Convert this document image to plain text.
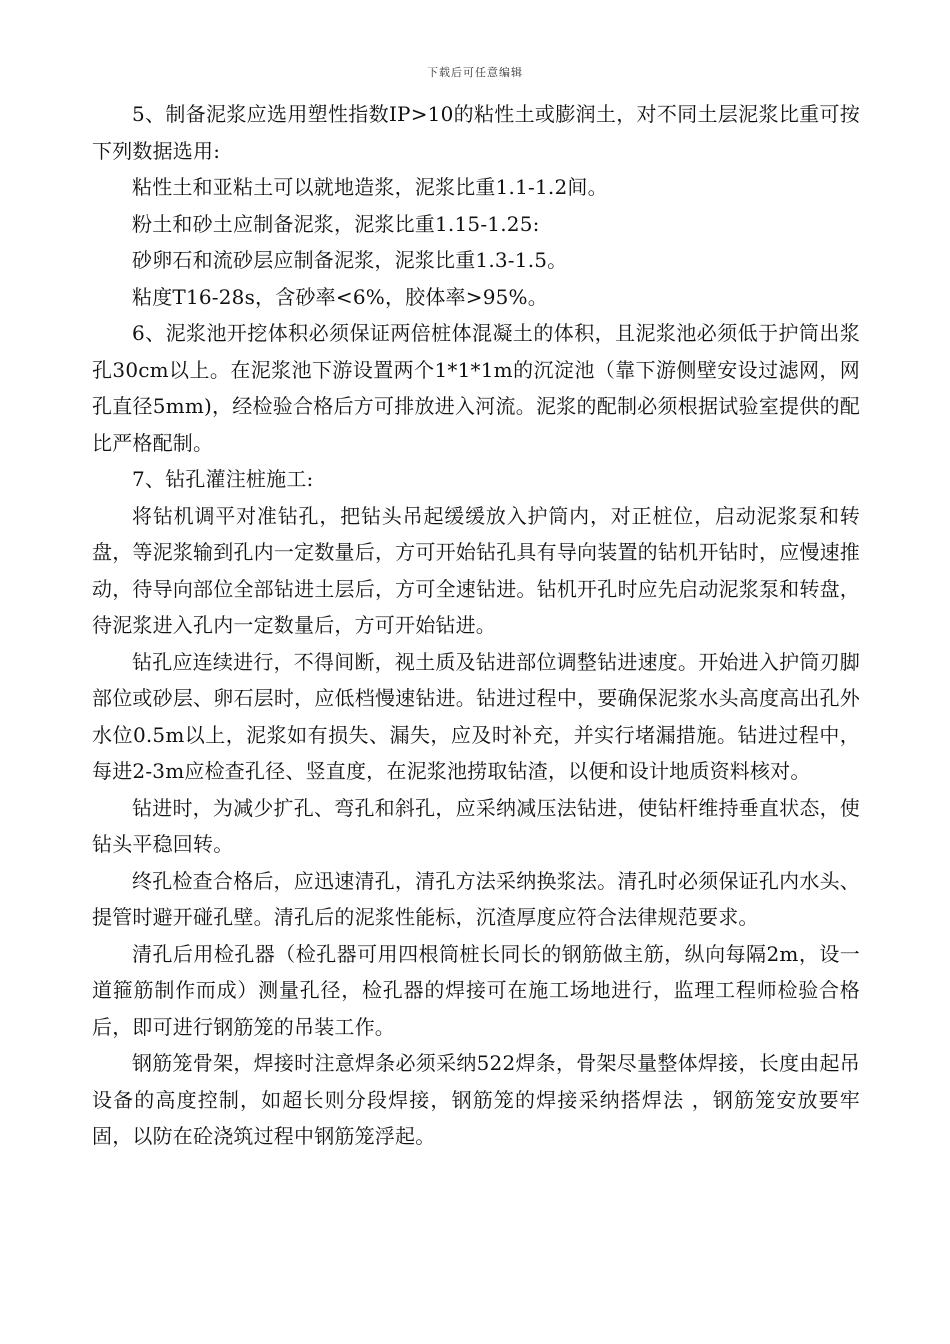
下载后可任意编辑

5、制备泥浆应选用塑性指数IP>10的粘性土或膨润土，对不同土层泥浆比重可按下列数据选用:

粘性土和亚粘土可以就地造浆，泥浆比重1.1-1.2间。

粉土和砂土应制备泥浆，泥浆比重1.15-1.25:

砂卵石和流砂层应制备泥浆，泥浆比重1.3-1.5。

粘度T16-28s，含砂率<6%，胶体率>95%。

6、泥浆池开挖体积必须保证两倍桩体混凝土的体积，且泥浆池必须低于护筒出浆孔30cm以上。在泥浆池下游设置两个1*1*1m的沉淀池（靠下游侧壁安设过滤网，网孔直径5mm)，经检验合格后方可排放进入河流。泥浆的配制必须根据试验室提供的配比严格配制。

7、钻孔灌注桩施工:

将钻机调平对准钻孔，把钻头吊起缓缓放入护筒内，对正桩位，启动泥浆泵和转盘，等泥浆输到孔内一定数量后，方可开始钻孔具有导向装置的钻机开钻时，应慢速推动，待导向部位全部钻进土层后，方可全速钻进。钻机开孔时应先启动泥浆泵和转盘，待泥浆进入孔内一定数量后，方可开始钻进。

钻孔应连续进行，不得间断，视土质及钻进部位调整钻进速度。开始进入护筒刃脚部位或砂层、卵石层时，应低档慢速钻进。钻进过程中，要确保泥浆水头高度高出孔外水位0.5m以上，泥浆如有损失、漏失，应及时补充，并实行堵漏措施。钻进过程中，每进2-3m应检查孔径、竖直度，在泥浆池捞取钻渣，以便和设计地质资料核对。

钻进时，为减少扩孔、弯孔和斜孔，应采纳减压法钻进，使钻杆维持垂直状态，使钻头平稳回转。

终孔检查合格后，应迅速清孔，清孔方法采纳换浆法。清孔时必须保证孔内水头、提管时避开碰孔壁。清孔后的泥浆性能标，沉渣厚度应符合法律规范要求。

清孔后用检孔器（检孔器可用四根筒桩长同长的钢筋做主筋，纵向每隔2m，设一道箍筋制作而成）测量孔径，检孔器的焊接可在施工场地进行，监理工程师检验合格后，即可进行钢筋笼的吊装工作。

钢筋笼骨架，焊接时注意焊条必须采纳522焊条，骨架尽量整体焊接，长度由起吊设备的高度控制，如超长则分段焊接，钢筋笼的焊接采纳搭焊法 ，钢筋笼安放要牢固，以防在砼浇筑过程中钢筋笼浮起。
